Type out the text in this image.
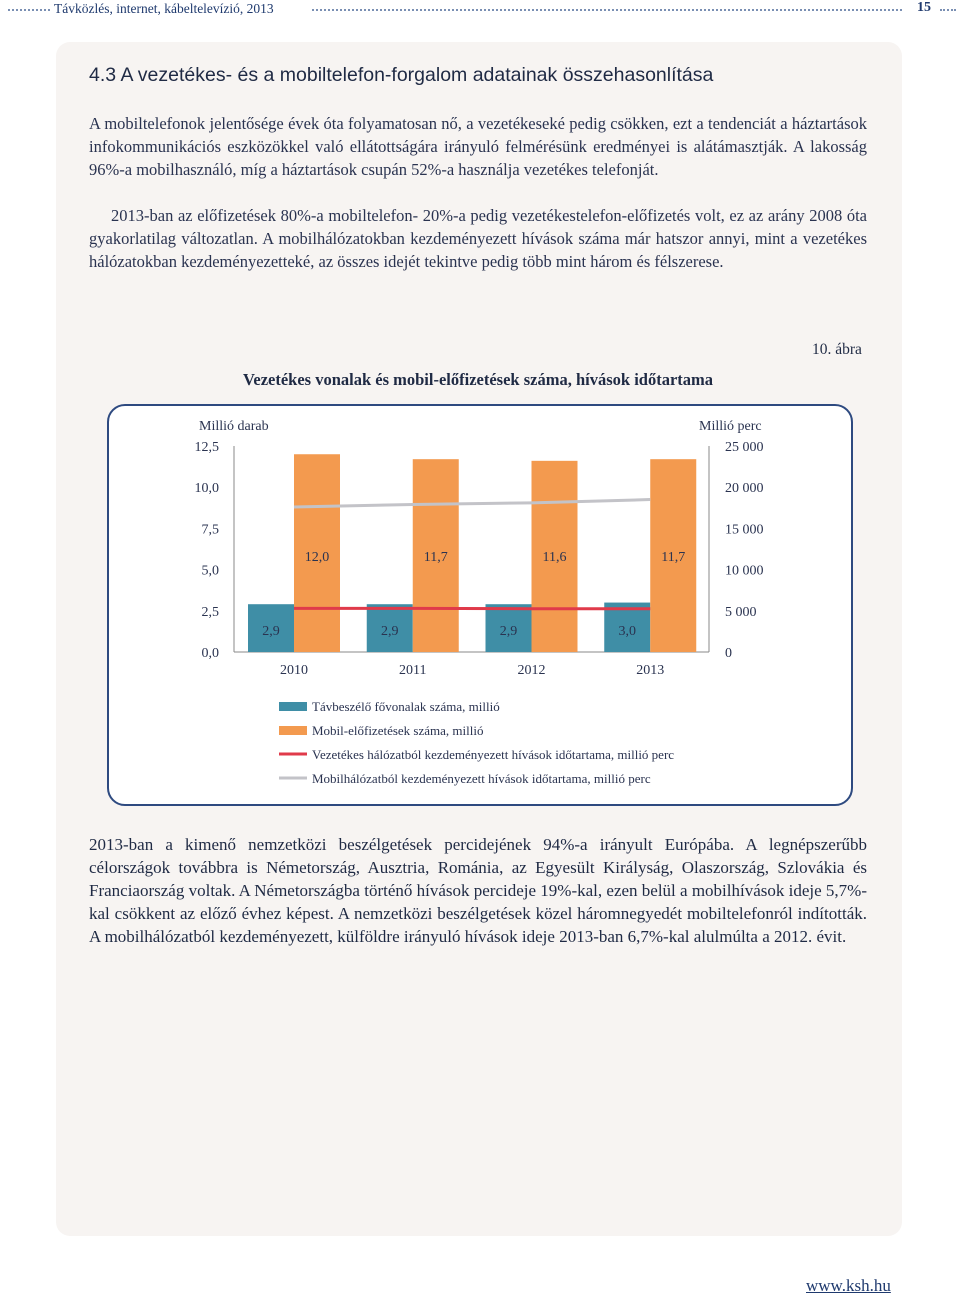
Távközlés, internet, kábeltelevízió, 2013	15
4.3 A vezetékes- és a mobiltelefon-forgalom adatainak összehasonlítása

A mobiltelefonok jelentősége évek óta folyamatosan nő, a vezetékeseké pedig csökken, ezt a tendenciát a háztartások infokommunikációs eszközökkel való ellátottságára irányuló felmérésünk eredményei is alátámasztják. A lakosság 96%-a mobilhasználó, míg a háztartások csupán 52%-a használja vezetékes telefonját.

2013-ban az előfizetések 80%-a mobiltelefon- 20%-a pedig vezetékestelefon-előfizetés volt, ez az arány 2008 óta gyakorlatilag változatlan. A mobilhálózatokban kezdeményezett hívások száma már hatszor annyi, mint a vezetékes hálózatokban kezdeményezetteké, az összes idejét tekintve pedig több mint három és félszerese.

10. ábra
Vezetékes vonalak és mobil-előfizetések száma, hívások időtartama
Millió darab	Millió perc
12,5
10,0
7,5
5,0
2,5
0,0
25 000
20 000
15 000
10 000
5 000
0
2,9
12,0
2010
2,9
11,7
2011
2,9
11,6
2012
3,0
11,7
2013
Távbeszélő fővonalak száma, millió
Mobil-előfizetések száma, millió
Vezetékes hálózatból kezdeményezett hívások időtartama, millió perc
Mobilhálózatból kezdeményezett hívások időtartama, millió perc

2013-ban a kimenő nemzetközi beszélgetések percidejének 94%-a irányult Európába. A legnépszerűbb célországok továbbra is Németország, Ausztria, Románia, az Egyesült Királyság, Olaszország, Szlovákia és Franciaország voltak. A Németországba történő hívások percideje 19%-kal, ezen belül a mobilhívások ideje 5,7%-kal csökkent az előző évhez képest. A nemzetközi beszélgetések közel háromnegyedét mobiltelefonról indították. A mobilhálózatból kezdeményezett, külföldre irányuló hívások ideje 2013-ban 6,7%-kal alulmúlta a 2012. évit.

www.ksh.hu
